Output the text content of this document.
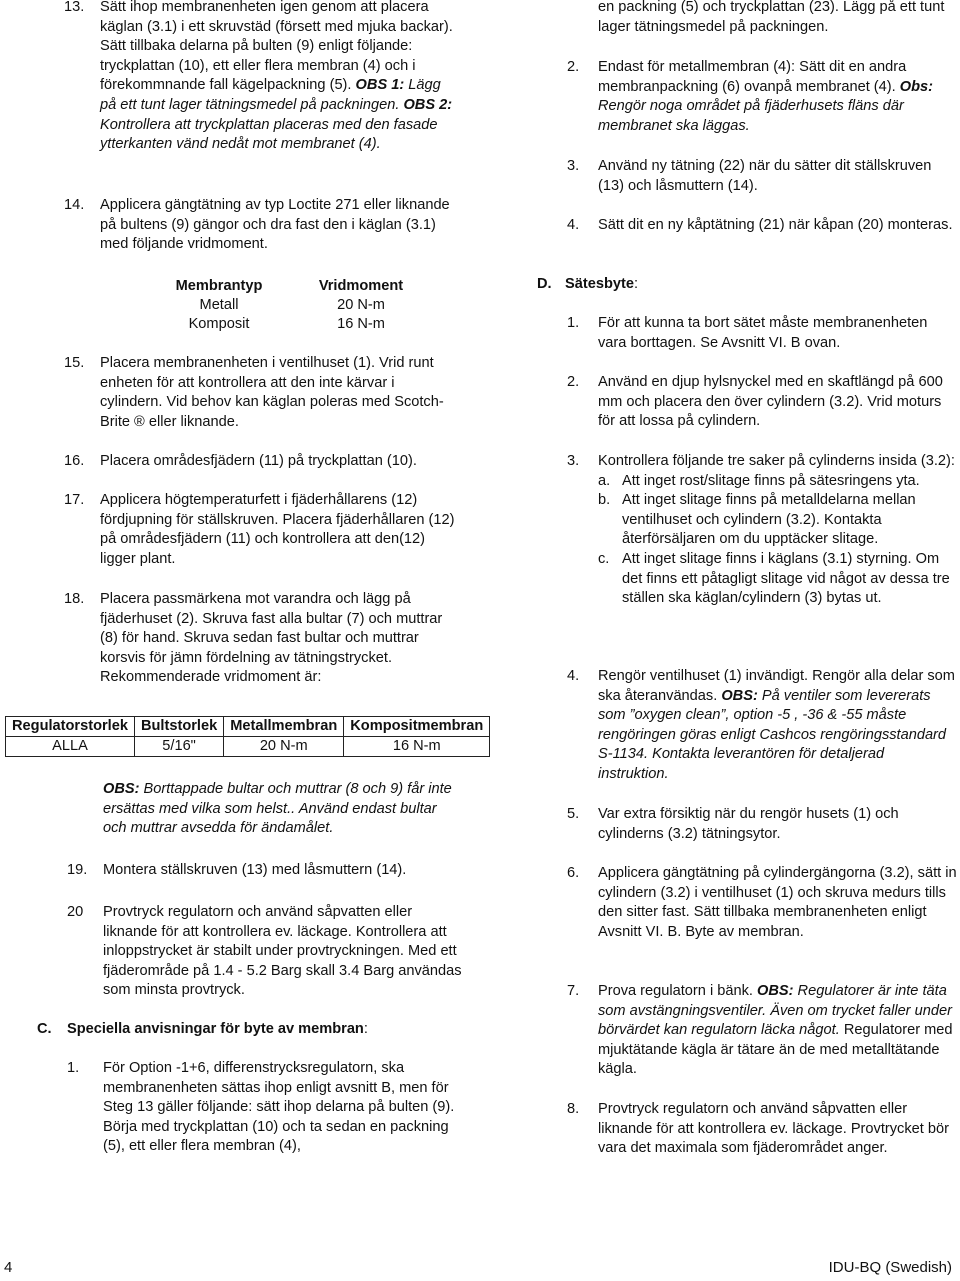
13. Sätt ihop membranenheten igen genom att placera käglan (3.1) i ett skruvstäd (försett med mjuka backar). Sätt tillbaka delarna på bulten (9) enligt följande: tryckplattan (10), ett eller flera membran (4) och i förekommnande fall kägelpackning (5). OBS 1: Lägg på ett tunt lager tätningsmedel på packningen. OBS 2: Kontrollera att tryckplattan placeras med den fasade ytterkanten vänd nedåt mot membranet (4).
14. Applicera gängtätning av typ Loctite 271 eller liknande på bultens (9) gängor och dra fast den i käglan (3.1) med följande vridmoment.
Membrantyp	Vridmoment
Metall	20 N-m
Komposit	16 N-m
15. Placera membranenheten i ventilhuset (1). Vrid runt enheten för att kontrollera att den inte kärvar i cylindern. Vid behov kan käglan poleras med Scotch-Brite ® eller liknande.
16. Placera områdesfjädern (11) på tryckplattan (10).
17. Applicera högtemperaturfett i fjäderhållarens (12) fördjupning för ställskruven. Placera fjäderhållaren (12) på områdesfjädern (11) och kontrollera att den(12) ligger plant.
18. Placera passmärkena mot varandra och lägg på fjäderhuset (2). Skruva fast alla bultar (7) och muttrar (8) för hand. Skruva sedan fast bultar och muttrar korsvis för jämn fördelning av tätningstrycket. Rekommenderade vridmoment är:
Regulatorstorlek	Bultstorlek	Metallmembran	Kompositmembran
ALLA	5/16"	20 N-m	16 N-m
OBS: Borttappade bultar och muttrar (8 och 9) får inte ersättas med vilka som helst.. Använd endast bultar och muttrar avsedda för ändamålet.
19. Montera ställskruven (13) med låsmuttern (14).
20 Provtryck regulatorn och använd såpvatten eller liknande för att kontrollera ev. läckage. Kontrollera att inloppstrycket är stabilt under provtryckningen. Med ett fjäderområde på 1.4 - 5.2 Barg skall 3.4 Barg användas som minsta provtryck.
C. Speciella anvisningar för byte av membran:
1. För Option -1+6, differenstrycksregulatorn, ska membranenheten sättas ihop enligt avsnitt B, men för Steg 13 gäller följande: sätt ihop delarna på bulten (9). Börja med tryckplattan (10) och ta sedan en packning (5), ett eller flera membran (4),
en packning (5) och tryckplattan (23). Lägg på ett tunt lager tätningsmedel på packningen.
2. Endast för metallmembran (4): Sätt dit en andra membranpackning (6) ovanpå membranet (4). Obs: Rengör noga området på fjäderhusets fläns där membranet ska läggas.
3. Använd ny tätning (22) när du sätter dit ställskruven (13) och låsmuttern (14).
4. Sätt dit en ny kåptätning (21) när kåpan (20) monteras.
D. Sätesbyte:
1. För att kunna ta bort sätet måste membranenheten vara borttagen. Se Avsnitt VI. B ovan.
2. Använd en djup hylsnyckel med en skaftlängd på 600 mm och placera den över cylindern (3.2). Vrid moturs för att lossa på cylindern.
3. Kontrollera följande tre saker på cylinderns insida (3.2):
a. Att inget rost/slitage finns på sätesringens yta.
b. Att inget slitage finns på metalldelarna mellan ventilhuset och cylindern (3.2). Kontakta återförsäljaren om du upptäcker slitage.
c. Att inget slitage finns i käglans (3.1) styrning. Om det finns ett påtagligt slitage vid något av dessa tre ställen ska käglan/cylindern (3) bytas ut.
4. Rengör ventilhuset (1) invändigt. Rengör alla delar som ska återanvändas. OBS: På ventiler som levererats som ”oxygen clean”, option -5 , -36 & -55 måste rengöringen göras enligt Cashcos rengöringsstandard S-1134. Kontakta leverantören för detaljerad instruktion.
5. Var extra försiktig när du rengör husets (1) och cylinderns (3.2) tätningsytor.
6. Applicera gängtätning på cylindergängorna (3.2), sätt in cylindern (3.2) i ventilhuset (1) och skruva medurs tills den sitter fast. Sätt tillbaka membranenheten enligt Avsnitt VI. B. Byte av membran.
7. Prova regulatorn i bänk. OBS: Regulatorer är inte täta som avstängningsventiler. Även om trycket faller under börvärdet kan regulatorn läcka något. Regulatorer med mjuktätande kägla är tätare än de med metalltätande kägla.
8. Provtryck regulatorn och använd såpvatten eller liknande för att kontrollera ev. läckage. Provtrycket bör vara det maximala som fjäderområdet anger.
4	IDU-BQ (Swedish)
